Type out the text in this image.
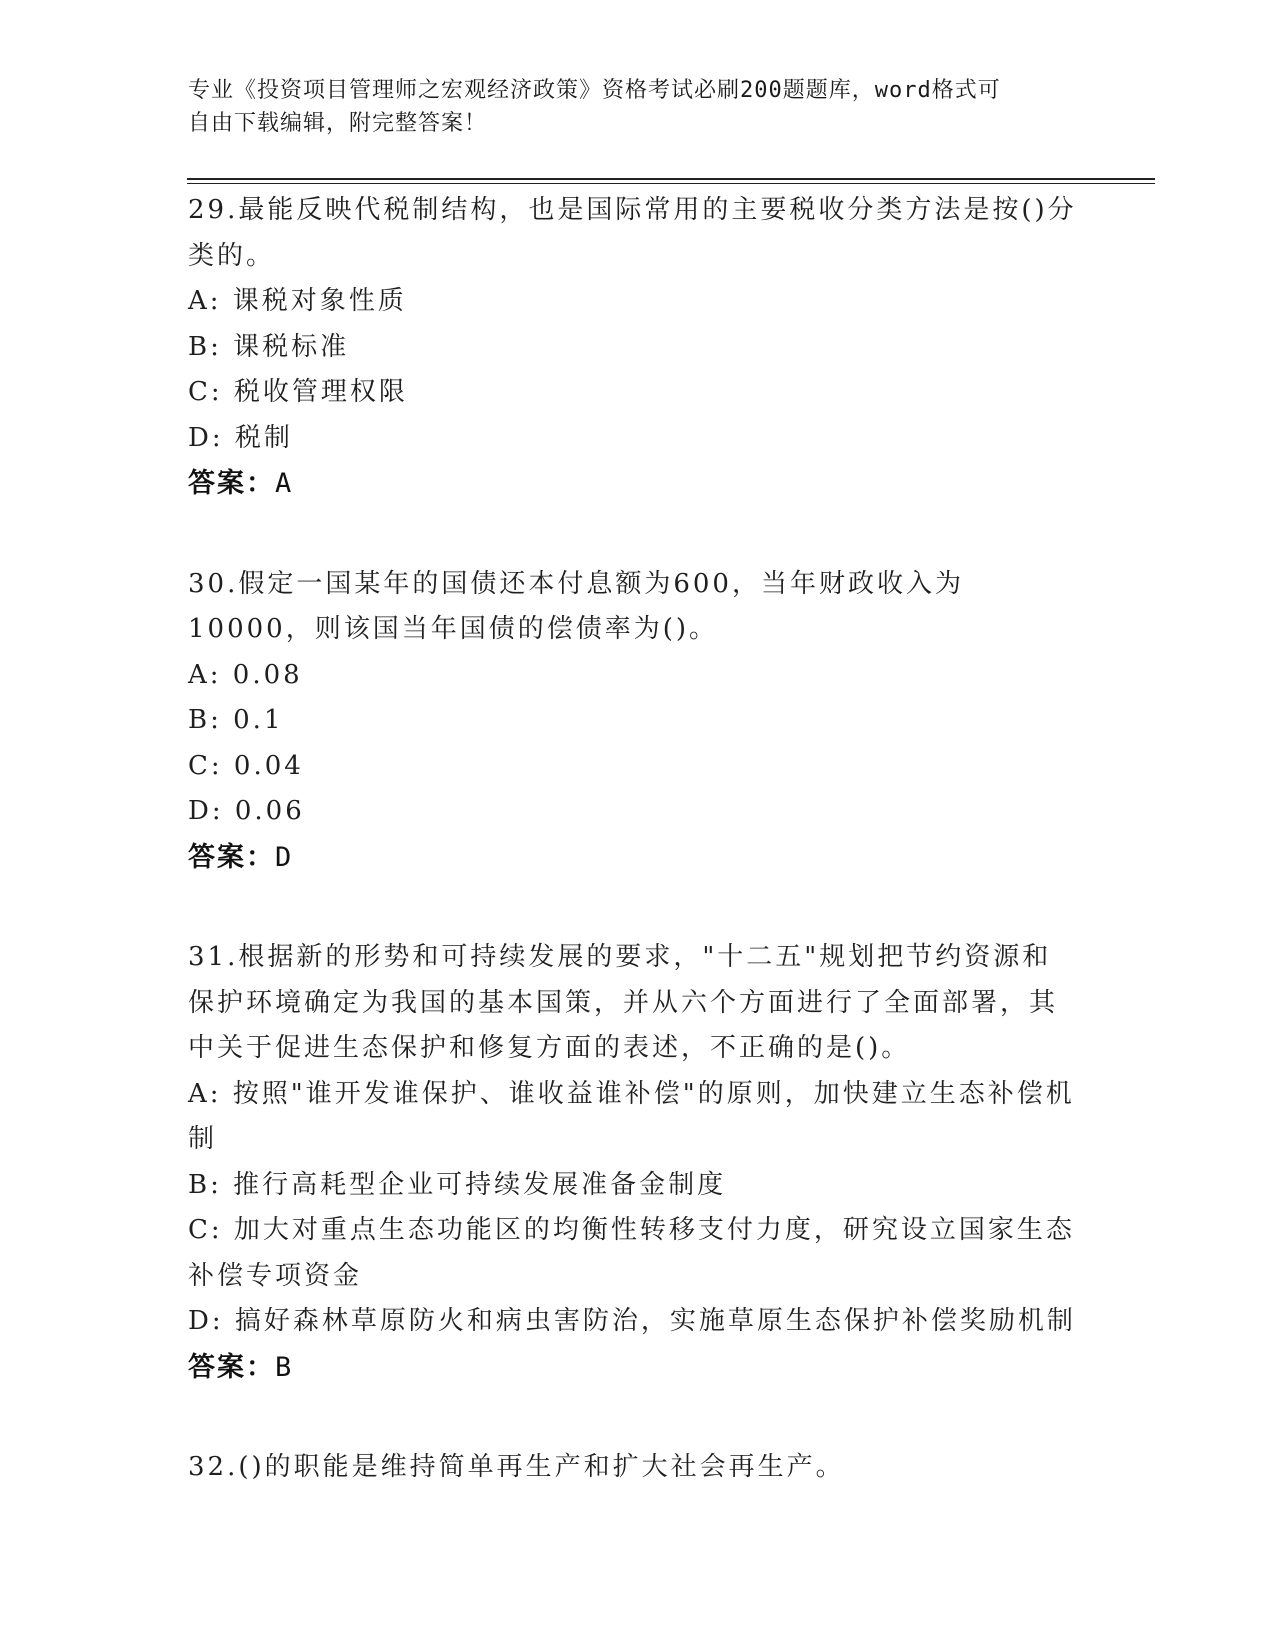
专业《投资项目管理师之宏观经济政策》资格考试必刷200题题库，word格式可
自由下载编辑，附完整答案！

29.最能反映代税制结构，也是国际常用的主要税收分类方法是按()分类的。

A: 课税对象性质

B: 课税标准

C: 税收管理权限

D: 税制

答案：A

30.假定一国某年的国债还本付息额为600，当年财政收入为10000，则该国当年国债的偿债率为()。

A: 0.08

B: 0.1

C: 0.04

D: 0.06

答案：D

31.根据新的形势和可持续发展的要求，"十二五"规划把节约资源和保护环境确定为我国的基本国策，并从六个方面进行了全面部署，其中关于促进生态保护和修复方面的表述，不正确的是()。

A: 按照"谁开发谁保护、谁收益谁补偿"的原则，加快建立生态补偿机制

B: 推行高耗型企业可持续发展准备金制度

C: 加大对重点生态功能区的均衡性转移支付力度，研究设立国家生态补偿专项资金

D: 搞好森林草原防火和病虫害防治，实施草原生态保护补偿奖励机制

答案：B

32.()的职能是维持简单再生产和扩大社会再生产。
